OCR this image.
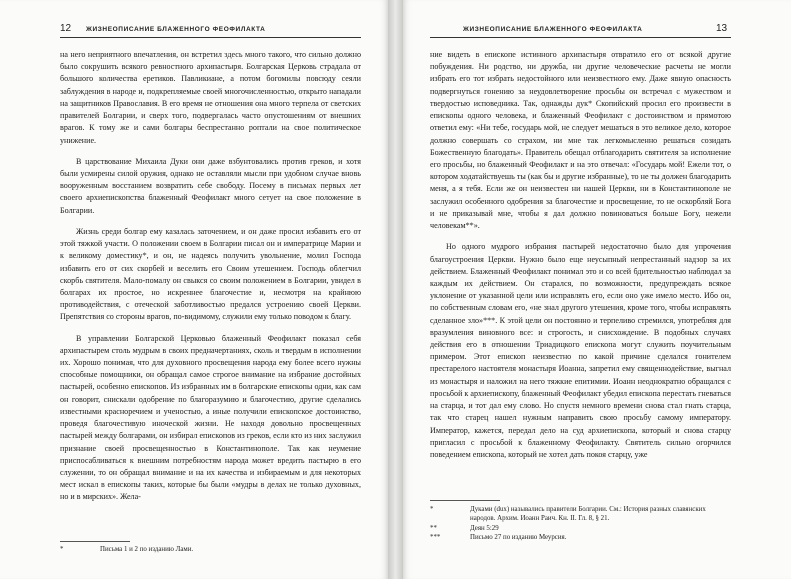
12 ЖИЗНЕОПИСАНИЕ БЛАЖЕННОГО ФЕОФИЛАКТА

на него неприятного впечатления, он встретил здесь много такого, что сильно должно было сокрушить всякого ревностного архипастыря. Болгарская Церковь страдала от большого количества еретиков. Павликиане, а потом богомилы повсюду сеяли заблуждения в народе и, подкрепляемые своей многочисленностью, открыто нападали на защитников Православия. В его время не отношения она много терпела от светских правителей Болгарии, и сверх того, подвергалась часто опустошениям от внешних врагов. К тому же и сами болгары беспрестанно роптали на свое политическое унижение.

В царствование Михаила Дуки они даже взбунтовались против греков, и хотя были усмирены силой оружия, однако не оставляли мысли при удобном случае вновь вооруженным восстанием возвратить себе свободу. Посему в письмах первых лет своего архиепископства блаженный Феофилакт много сетует на свое положение в Болгарии.

Жизнь среди болгар ему казалась заточением, и он даже просил избавить его от этой тяжкой участи. О положении своем в Болгарии писал он и императрице Марии и к великому доместику*, и он, не надеясь получить увольнение, молил Господа избавить его от сих скорбей и веселить его Своим утешением. Господь облегчил скорбь святителя. Мало-помалу он свыкся со своим положением в Болгарии, увидел в болгарах их простое, но искреннее благочестие и, несмотря на крайнюю противодействия, с отеческой заботливостью предался устроению своей Церкви. Препятствия со стороны врагов, по-видимому, служили ему только поводом к благу.

В управлении Болгарской Церковью блаженный Феофилакт показал себя архипастырем столь мудрым в своих предначертаниях, сколь и твердым в исполнении их. Хорошо понимая, что для духовного просвещения народа ему более всего нужны способные помощники, он обращал самое строгое внимание на избрание достойных пастырей, особенно епископов. Из избранных им в болгарские епископы одни, как сам он говорит, снискали одобрение по благоразумию и благочестию, другие сделались известными красноречием и ученостью, а иные получили епископское достоинство, проведя благочестивую иноческой жизни. Не находя довольно просвещенных пастырей между болгарами, он избирал епископов из греков, если кто из них заслужил признание своей просвещенностью в Константинополе. Так как неумение приспосабливаться к внешним потребностям народа может вредить пастырю в его служении, то он обращал внимание и на их качества и избираемым и для некоторых мест искал в епископы таких, которые бы были «мудры в делах не только духовных, но и в мирских». Жела-

*	Письма 1 и 2 по изданию Лами.
ЖИЗНЕОПИСАНИЕ БЛАЖЕННОГО ФЕОФИЛАКТА	13

ние видеть в епископе истинного архипастыря отвратило его от всякой другие побуждения. Ни родство, ни дружба, ни другие человеческие расчеты не могли избрать его тот избрать недостойного или неизвестного ему. Даже явную опасность подвергнуться гонению за неудовлетворение просьбы он встречал с мужеством и твердостью исповедника. Так, однажды дук* Скопийский просил его произвести в епископы одного человека, и блаженный Феофилакт с достоинством и прямотою ответил ему: «Ни тебе, государь мой, не следует мешаться в это великое дело, которое должно совершать со страхом, ни мне так легкомысленно решаться созидать Божественную благодать». Правитель обещал отблагодарить святителя за исполнение его просьбы, но блаженный Феофилакт и на это отвечал: «Государь мой! Ежели тот, о котором ходатайствуешь ты (как бы и другие избранные), то не ты должен благодарить меня, а я тебя. Если же он неизвестен ни нашей Церкви, ни в Константинополе не заслужил особенного одобрения за благочестие и просвещение, то не оскорбляй Бога и не приказывай мне, чтобы я дал должно повиноваться больше Богу, нежели человекам**».

Но одного мудрого избрания пастырей недостаточно было для упрочения благоустроения Церкви. Нужно было еще неусыпный непрестанный надзор за их действием. Блаженный Феофилакт понимал это и со всей бдительностью наблюдал за каждым их действием. Он старался, по возможности, предупреждать всякое уклонение от указанной цели или исправлять его, если оно уже имело место. Ибо он, по собственным словам его, «не знал другого утешения, кроме того, чтобы исправлять сделанное зло»***. К этой цели он постоянно и терпеливо стремился, употребляя для вразумления виновного все: и строгость, и снисхождение. В подобных случаях действия его в отношении Триадицкого епископа могут служить поучительным примером. Этот епископ неизвестно по какой причине сделался гонителем престарелого настоятеля монастыря Иоанна, запретил ему священнодействие, выгнал из монастыря и наложил на него тяжкие епитимии. Иоанн неоднократно обращался с просьбой к архиепископу, блаженный Феофилакт убедил епископа перестать гневаться на старца, и тот дал ему слово. Но спустя немного времени снова стал гнать старца, так что старец нашел нужным направить свою просьбу самому императору. Император, кажется, передал дело на суд архиепископа, который и снова старцу пригласил с просьбой к блаженному Феофилакту. Святитель сильно огорчился поведением епископа, который не хотел дать покоя старцу, уже

*	Дуками (dux) назывались правители Болгарии. См.: История разных славянских народов. Архим. Иоанн Раич. Кн. II. Гл. 8, § 21.
**	Деян 5:29
***	Письмо 27 по изданию Меурсия.
